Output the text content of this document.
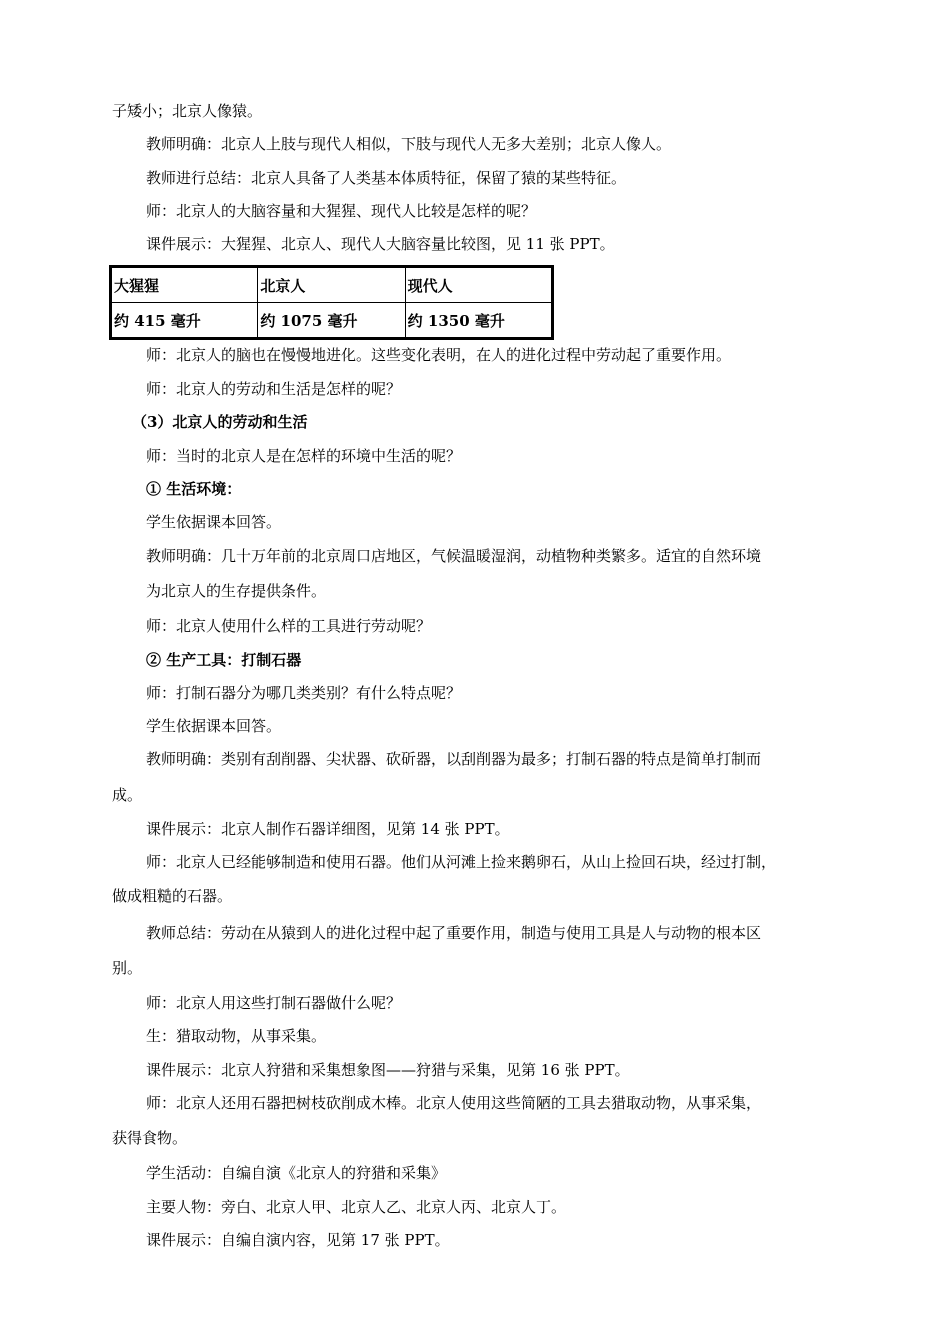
子矮小；北京人像猿。
教师明确：北京人上肢与现代人相似，下肢与现代人无多大差别；北京人像人。
教师进行总结：北京人具备了人类基本体质特征，保留了猿的某些特征。
师：北京人的大脑容量和大猩猩、现代人比较是怎样的呢？
课件展示：大猩猩、北京人、现代人大脑容量比较图，见 11 张 PPT。
大猩猩	北京人	现代人
约 415 毫升	约 1075 毫升	约 1350 毫升
师：北京人的脑也在慢慢地进化。这些变化表明，在人的进化过程中劳动起了重要作用。
师：北京人的劳动和生活是怎样的呢？
（3）北京人的劳动和生活
师：当时的北京人是在怎样的环境中生活的呢？
① 生活环境：
学生依据课本回答。
教师明确：几十万年前的北京周口店地区，气候温暖湿润，动植物种类繁多。适宜的自然环境
为北京人的生存提供条件。
师：北京人使用什么样的工具进行劳动呢？
② 生产工具：打制石器
师：打制石器分为哪几类类别？有什么特点呢？
学生依据课本回答。
教师明确：类别有刮削器、尖状器、砍斫器，以刮削器为最多；打制石器的特点是简单打制而
成。
课件展示：北京人制作石器详细图，见第 14 张 PPT。
师：北京人已经能够制造和使用石器。他们从河滩上捡来鹅卵石，从山上捡回石块，经过打制，
做成粗糙的石器。
教师总结：劳动在从猿到人的进化过程中起了重要作用，制造与使用工具是人与动物的根本区
别。
师：北京人用这些打制石器做什么呢？
生：猎取动物，从事采集。
课件展示：北京人狩猎和采集想象图——狩猎与采集，见第 16 张 PPT。
师：北京人还用石器把树枝砍削成木棒。北京人使用这些简陋的工具去猎取动物，从事采集，
获得食物。
学生活动：自编自演《北京人的狩猎和采集》
主要人物：旁白、北京人甲、北京人乙、北京人丙、北京人丁。
课件展示：自编自演内容，见第 17 张 PPT。
